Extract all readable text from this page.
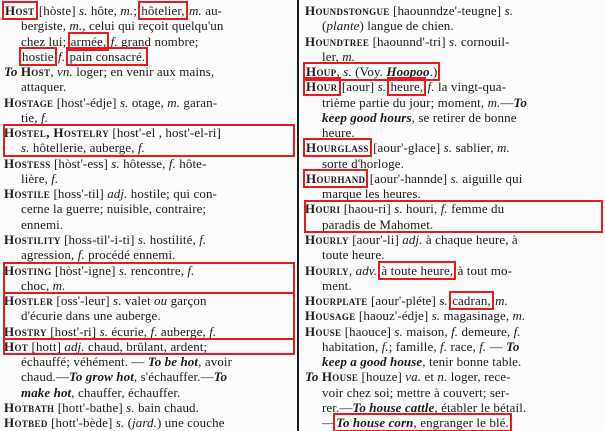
Host [hòste] s. hôte, m.; hôtelier, m. au-
bergiste, m., celui qui reçoit quelqu'un
chez lui; armée, f. grand nombre;
hostie f. pain consacré.
To Host, vn. loger; en venir aux mains,
attaquer.
Hostage [host'-édje] s. otage, m. garan-
tie, f.
Hostel, Hostelry [host'-el , host'-el-ri]
s. hôtellerie, auberge, f.
Hostess [hòst'-ess] s. hôtesse, f. hôte-
lière, f.
Hostile [hoss'-til] adj. hostile; qui con-
cerne la guerre; nuisible, contraire;
ennemi.
Hostility [hoss-til'-i-ti] s. hostilité, f.
agression, f. procédé ennemi.
Hosting [hòst'-igne] s. rencontre, f.
choc, m.
Hostler [oss'-leur] s. valet ou garçon
d'écurie dans une auberge.
Hostry [host'-ri] s. écurie, f. auberge, f.
Hot [hott] adj. chaud, brûlant, ardent;
échauffé; véhément. — To be hot, avoir
chaud.—To grow hot, s'échauffer.—To
make hot, chauffer, échauffer.
Hotbath [hott'-bathe] s. bain chaud.
Hotbed [hott'-bède] s. (jard.) une couche
Houndstongue [haounndze'-teugne] s.
(plante) langue de chien.
Houndtree [haounnd'-tri] s. cornouil-
ler, m.
Houp, s. (Voy. Hoopoo.)
Hour [aour] s. heure, f. la vingt-qua-
trième partie du jour; moment, m.—To
keep good hours, se retirer de bonne
heure.
Hourglass [aour'-glace] s. sablier, m.
sorte d'horloge.
Hourhand [aour'-hannde] s. aiguille qui
marque les heures.
Houri [haou-ri] s. houri, f. femme du
paradis de Mahomet.
Hourly [aour'-li] adj. à chaque heure, à
toute heure.
Hourly, adv. à toute heure, à tout mo-
ment.
Hourplate [aour'-pléte] s. cadran, m.
Housage [haouz'-édje] s. magasinage, m.
House [haouce] s. maison, f. demeure, f.
habitation, f.; famille, f. race, f. — To
keep a good house, tenir bonne table.
To House [houze] va. et n. loger, rece-
voir chez soi; mettre à couvert; ser-
rer.—To house cattle, établer le bétail.
—To house corn, engranger le blé.
